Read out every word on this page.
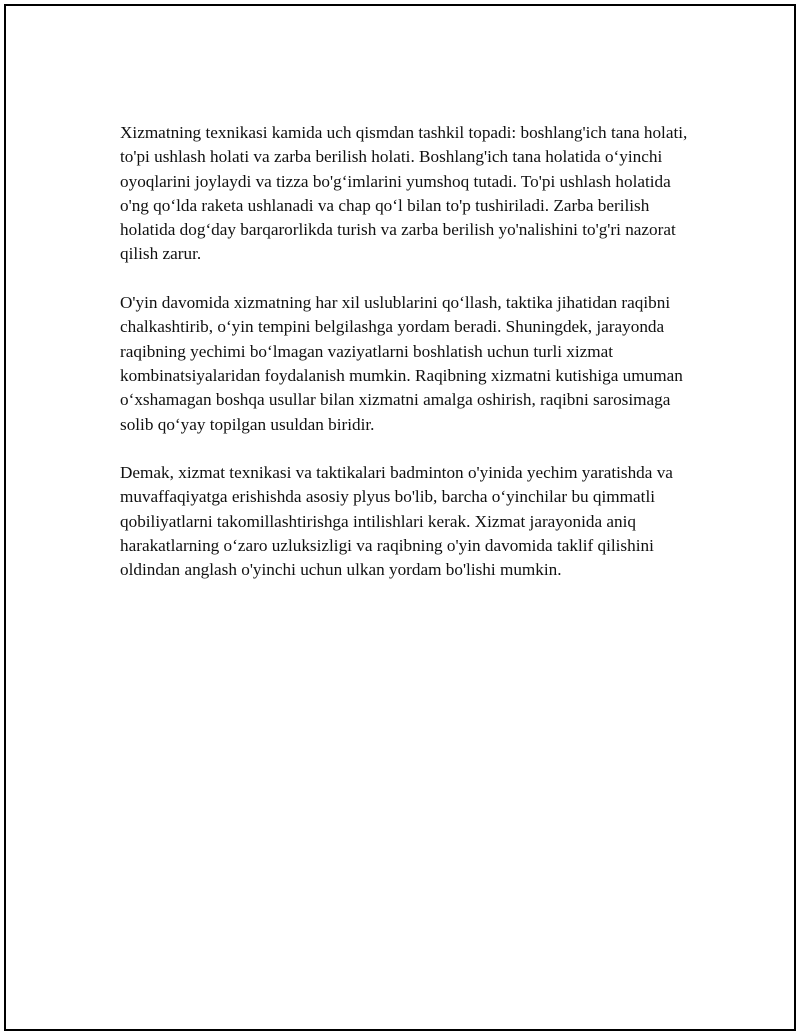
Xizmatning texnikasi kamida uch qismdan tashkil topadi: boshlang'ich tana holati, to'pi ushlash holati va zarba berilish holati. Boshlang'ich tana holatida o‘yinchi oyoqlarini joylaydi va tizza bo'g‘imlarini yumshoq tutadi. To'pi ushlash holatida o'ng qo‘lda raketa ushlanadi va chap qo‘l bilan to'p tushiriladi. Zarba berilish holatida dog‘day barqarorlikda turish va zarba berilish yo'nalishini to'g'ri nazorat qilish zarur.

O'yin davomida xizmatning har xil uslublarini qo‘llash, taktika jihatidan raqibni chalkashtirib, o‘yin tempini belgilashga yordam beradi. Shuningdek, jarayonda raqibning yechimi bo‘lmagan vaziyatlarni boshlatish uchun turli xizmat kombinatsiyalaridan foydalanish mumkin. Raqibning xizmatni kutishiga umuman o‘xshamagan boshqa usullar bilan xizmatni amalga oshirish, raqibni sarosimaga solib qo‘yay topilgan usuldan biridir.

Demak, xizmat texnikasi va taktikalari badminton o'yinida yechim yaratishda va muvaffaqiyatga erishishda asosiy plyus bo'lib, barcha o‘yinchilar bu qimmatli qobiliyatlarni takomillashtirishga intilishlari kerak. Xizmat jarayonida aniq harakatlarning o‘zaro uzluksizligi va raqibning o'yin davomida taklif qilishini oldindan anglash o'yinchi uchun ulkan yordam bo'lishi mumkin.
